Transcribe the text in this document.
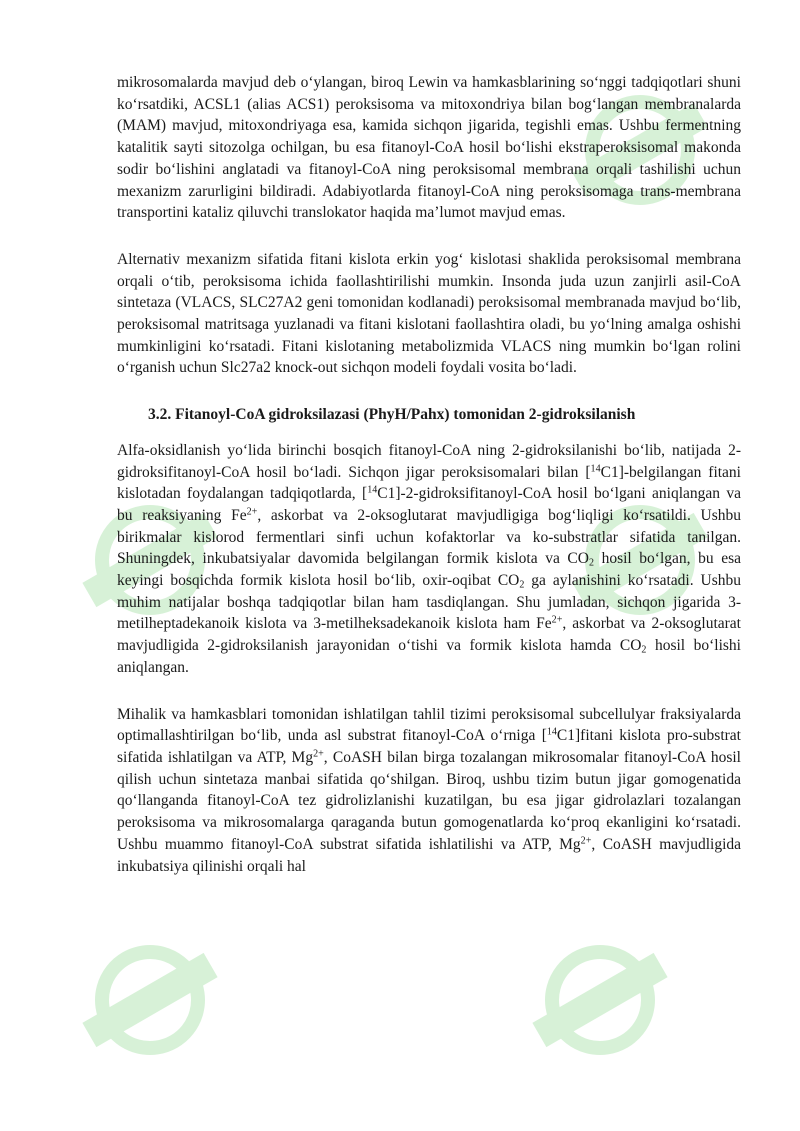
mikrosomalarda mavjud deb o‘ylangan, biroq Lewin va hamkasblarining so‘nggi tadqiqotlari shuni ko‘rsatdiki, ACSL1 (alias ACS1) peroksisoma va mitoxondriya bilan bog‘langan membranalarda (MAM) mavjud, mitoxondriyaga esa, kamida sichqon jigarida, tegishli emas. Ushbu fermentning katalitik sayti sitozolga ochilgan, bu esa fitanoyl-CoA hosil bo‘lishi ekstraperoksisomal makonda sodir bo‘lishini anglatadi va fitanoyl-CoA ning peroksisomal membrana orqali tashilishi uchun mexanizm zarurligini bildiradi. Adabiyotlarda fitanoyl-CoA ning peroksisomaga trans-membrana transportini kataliz qiluvchi translokator haqida ma’lumot mavjud emas.

Alternativ mexanizm sifatida fitani kislota erkin yog‘ kislotasi shaklida peroksisomal membrana orqali o‘tib, peroksisoma ichida faollashtirilishi mumkin. Insonda juda uzun zanjirli asil-CoA sintetaza (VLACS, SLC27A2 geni tomonidan kodlanadi) peroksisomal membranada mavjud bo‘lib, peroksisomal matritsaga yuzlanadi va fitani kislotani faollashtira oladi, bu yo‘lning amalga oshishi mumkinligini ko‘rsatadi. Fitani kislotaning metabolizmida VLACS ning mumkin bo‘lgan rolini o‘rganish uchun Slc27a2 knock-out sichqon modeli foydali vosita bo‘ladi.

3.2. Fitanoyl-CoA gidroksilazasi (PhyH/Pahx) tomonidan 2-gidroksilanish

Alfa-oksidlanish yo‘lida birinchi bosqich fitanoyl-CoA ning 2-gidroksilanishi bo‘lib, natijada 2-gidroksifitanoyl-CoA hosil bo‘ladi. Sichqon jigar peroksisomalari bilan [$^{14}$C1]-belgilangan fitani kislotadan foydalangan tadqiqotlarda, [$^{14}$C1]-2-gidroksifitanoyl-CoA hosil bo‘lgani aniqlangan va bu reaksiyaning $Fe^{2+}$, askorbat va 2-oksoglutarat mavjudligiga bog‘liqligi ko‘rsatildi. Ushbu birikmalar kislorod fermentlari sinfi uchun kofaktorlar va ko-substratlar sifatida tanilgan. Shuningdek, inkubatsiyalar davomida belgilangan formik kislota va $CO_2$ hosil bo‘lgan, bu esa keyingi bosqichda formik kislota hosil bo‘lib, oxir-oqibat $CO_2$ ga aylanishini ko‘rsatadi. Ushbu muhim natijalar boshqa tadqiqotlar bilan ham tasdiqlangan. Shu jumladan, sichqon jigarida 3-metilheptadekanoik kislota va 3-metilheksadekanoik kislota ham $Fe^{2+}$, askorbat va 2-oksoglutarat mavjudligida 2-gidroksilanish jarayonidan o‘tishi va formik kislota hamda $CO_2$ hosil bo‘lishi aniqlangan.

Mihalik va hamkasblari tomonidan ishlatilgan tahlil tizimi peroksisomal subcellulyar fraksiyalarda optimallashtirilgan bo‘lib, unda asl substrat fitanoyl-CoA o‘rniga [$^{14}$C1]fitani kislota pro-substrat sifatida ishlatilgan va ATP, $Mg^{2+}$, CoASH bilan birga tozalangan mikrosomalar fitanoyl-CoA hosil qilish uchun sintetaza manbai sifatida qo‘shilgan. Biroq, ushbu tizim butun jigar gomogenatida qo‘llanganda fitanoyl-CoA tez gidrolizlanishi kuzatilgan, bu esa jigar gidrolazlari tozalangan peroksisoma va mikrosomalarga qaraganda butun gomogenatlarda ko‘proq ekanligini ko‘rsatadi. Ushbu muammo fitanoyl-CoA substrat sifatida ishlatilishi va ATP, $Mg^{2+}$, CoASH mavjudligida inkubatsiya qilinishi orqali hal
